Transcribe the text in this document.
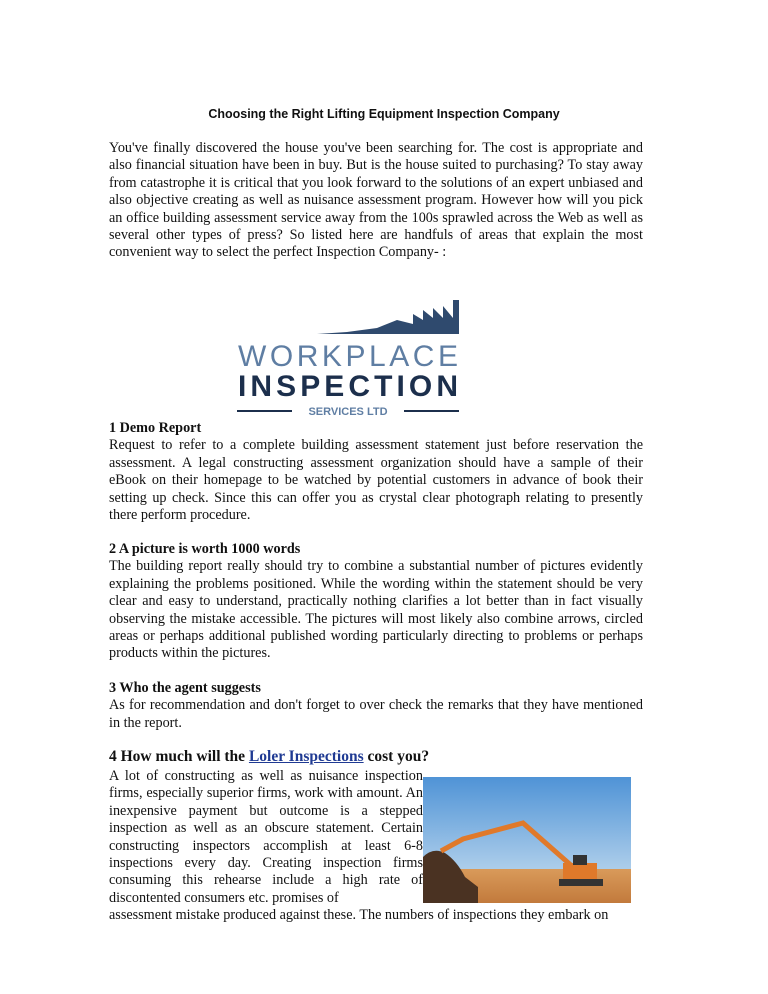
Choosing the Right Lifting Equipment Inspection Company

You've finally discovered the house you've been searching for. The cost is appropriate and also financial situation have been in buy. But is the house suited to purchasing? To stay away from catastrophe it is critical that you look forward to the solutions of an expert unbiased and also objective creating as well as nuisance assessment program. However how will you pick an office building assessment service away from the 100s sprawled across the Web as well as several other types of press? So listed here are handfuls of areas that explain the most convenient way to select the perfect Inspection Company- :

WORKPLACE
INSPECTION
SERVICES LTD

1 Demo Report
Request to refer to a complete building assessment statement just before reservation the assessment. A legal constructing assessment organization should have a sample of their eBook on their homepage to be watched by potential customers in advance of book their setting up check. Since this can offer you as crystal clear photograph relating to presently there perform procedure.

2 A picture is worth 1000 words
The building report really should try to combine a substantial number of pictures evidently explaining the problems positioned. While the wording within the statement should be very clear and easy to understand, practically nothing clarifies a lot better than in fact visually observing the mistake accessible. The pictures will most likely also combine arrows, circled areas or perhaps additional published wording particularly directing to problems or perhaps products within the pictures.

3 Who the agent suggests
As for recommendation and don't forget to over check the remarks that they have mentioned in the report.

4 How much will the Loler Inspections cost you?

A lot of constructing as well as nuisance inspection firms, especially superior firms, work with amount. An inexpensive payment but outcome is a stepped inspection as well as an obscure statement. Certain constructing inspectors accomplish at least 6-8 inspections every day. Creating inspection firms consuming this rehearse include a high rate of discontented consumers etc. promises of

assessment mistake produced against these. The numbers of inspections they embark on
